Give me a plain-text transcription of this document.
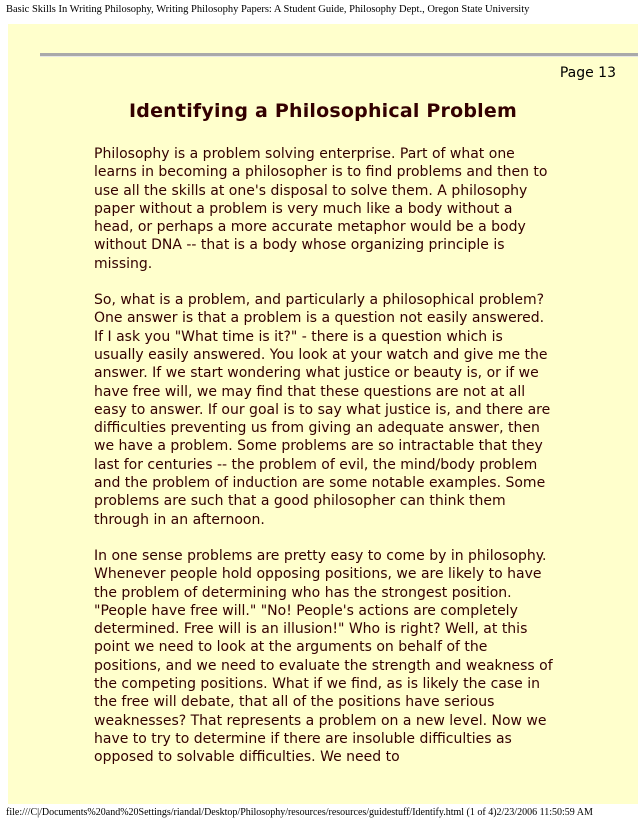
Basic Skills In Writing Philosophy, Writing Philosophy Papers: A Student Guide, Philosophy Dept., Oregon State University
Page 13
Identifying a Philosophical Problem

Philosophy is a problem solving enterprise. Part of what one learns in becoming a philosopher is to find problems and then to use all the skills at one's disposal to solve them. A philosophy paper without a problem is very much like a body without a head, or perhaps a more accurate metaphor would be a body without DNA -- that is a body whose organizing principle is missing.

So, what is a problem, and particularly a philosophical problem? One answer is that a problem is a question not easily answered. If I ask you "What time is it?" - there is a question which is usually easily answered. You look at your watch and give me the answer. If we start wondering what justice or beauty is, or if we have free will, we may find that these questions are not at all easy to answer. If our goal is to say what justice is, and there are difficulties preventing us from giving an adequate answer, then we have a problem. Some problems are so intractable that they last for centuries -- the problem of evil, the mind/body problem and the problem of induction are some notable examples. Some problems are such that a good philosopher can think them through in an afternoon.

In one sense problems are pretty easy to come by in philosophy. Whenever people hold opposing positions, we are likely to have the problem of determining who has the strongest position. "People have free will." "No! People's actions are completely determined. Free will is an illusion!" Who is right? Well, at this point we need to look at the arguments on behalf of the positions, and we need to evaluate the strength and weakness of the competing positions. What if we find, as is likely the case in the free will debate, that all of the positions have serious weaknesses? That represents a problem on a new level. Now we have to try to determine if there are insoluble difficulties as opposed to solvable difficulties. We need to

file:///C|/Documents%20and%20Settings/riandal/Desktop/Philosophy/resources/resources/guidestuff/Identify.html (1 of 4)2/23/2006 11:50:59 AM
